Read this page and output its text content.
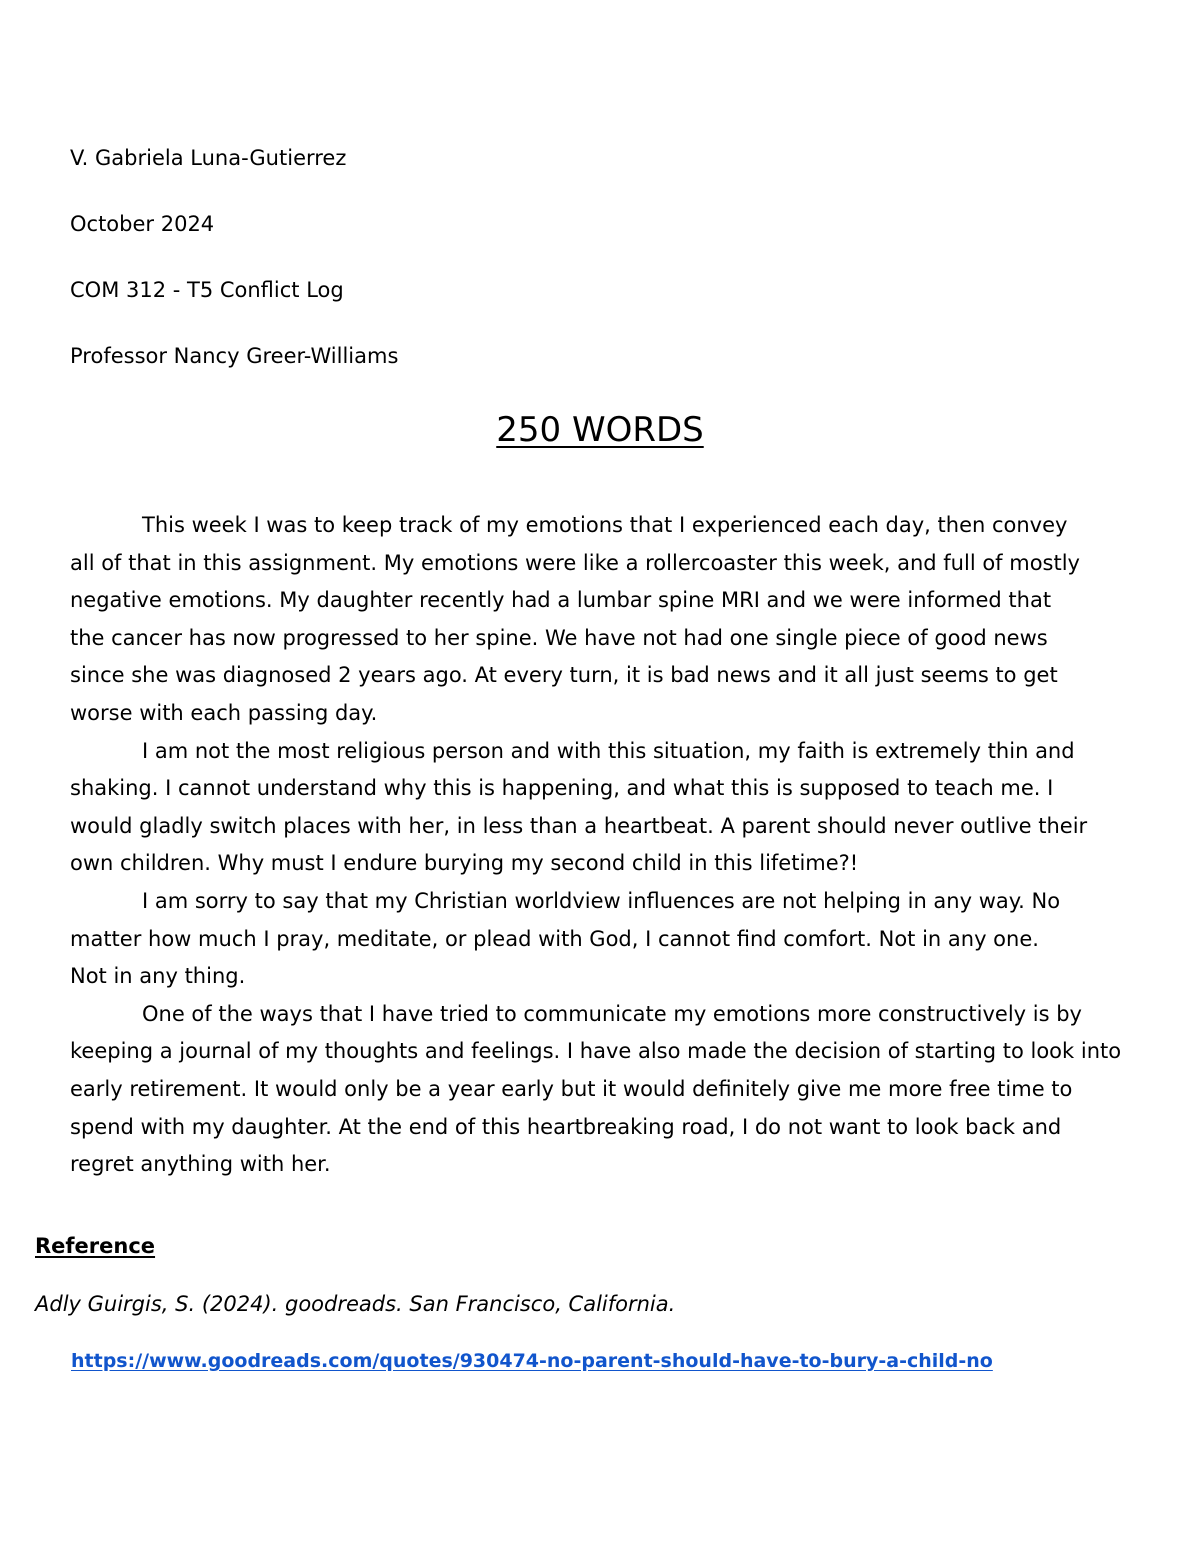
V. Gabriela Luna-Gutierrez
October 2024
COM 312 - T5 Conflict Log
Professor Nancy Greer-Williams
250 WORDS
This week I was to keep track of my emotions that I experienced each day, then convey
all of that in this assignment. My emotions were like a rollercoaster this week, and full of mostly
negative emotions. My daughter recently had a lumbar spine MRI and we were informed that
the cancer has now progressed to her spine. We have not had one single piece of good news
since she was diagnosed 2 years ago. At every turn, it is bad news and it all just seems to get
worse with each passing day.
I am not the most religious person and with this situation, my faith is extremely thin and
shaking. I cannot understand why this is happening, and what this is supposed to teach me. I
would gladly switch places with her, in less than a heartbeat. A parent should never outlive their
own children. Why must I endure burying my second child in this lifetime?!
I am sorry to say that my Christian worldview influences are not helping in any way. No
matter how much I pray, meditate, or plead with God, I cannot find comfort. Not in any one.
Not in any thing.
One of the ways that I have tried to communicate my emotions more constructively is by
keeping a journal of my thoughts and feelings. I have also made the decision of starting to look into
early retirement. It would only be a year early but it would definitely give me more free time to
spend with my daughter. At the end of this heartbreaking road, I do not want to look back and
regret anything with her.
Reference
Adly Guirgis, S. (2024). goodreads. San Francisco, California.
https://www.goodreads.com/quotes/930474-no-parent-should-have-to-bury-a-child-no
